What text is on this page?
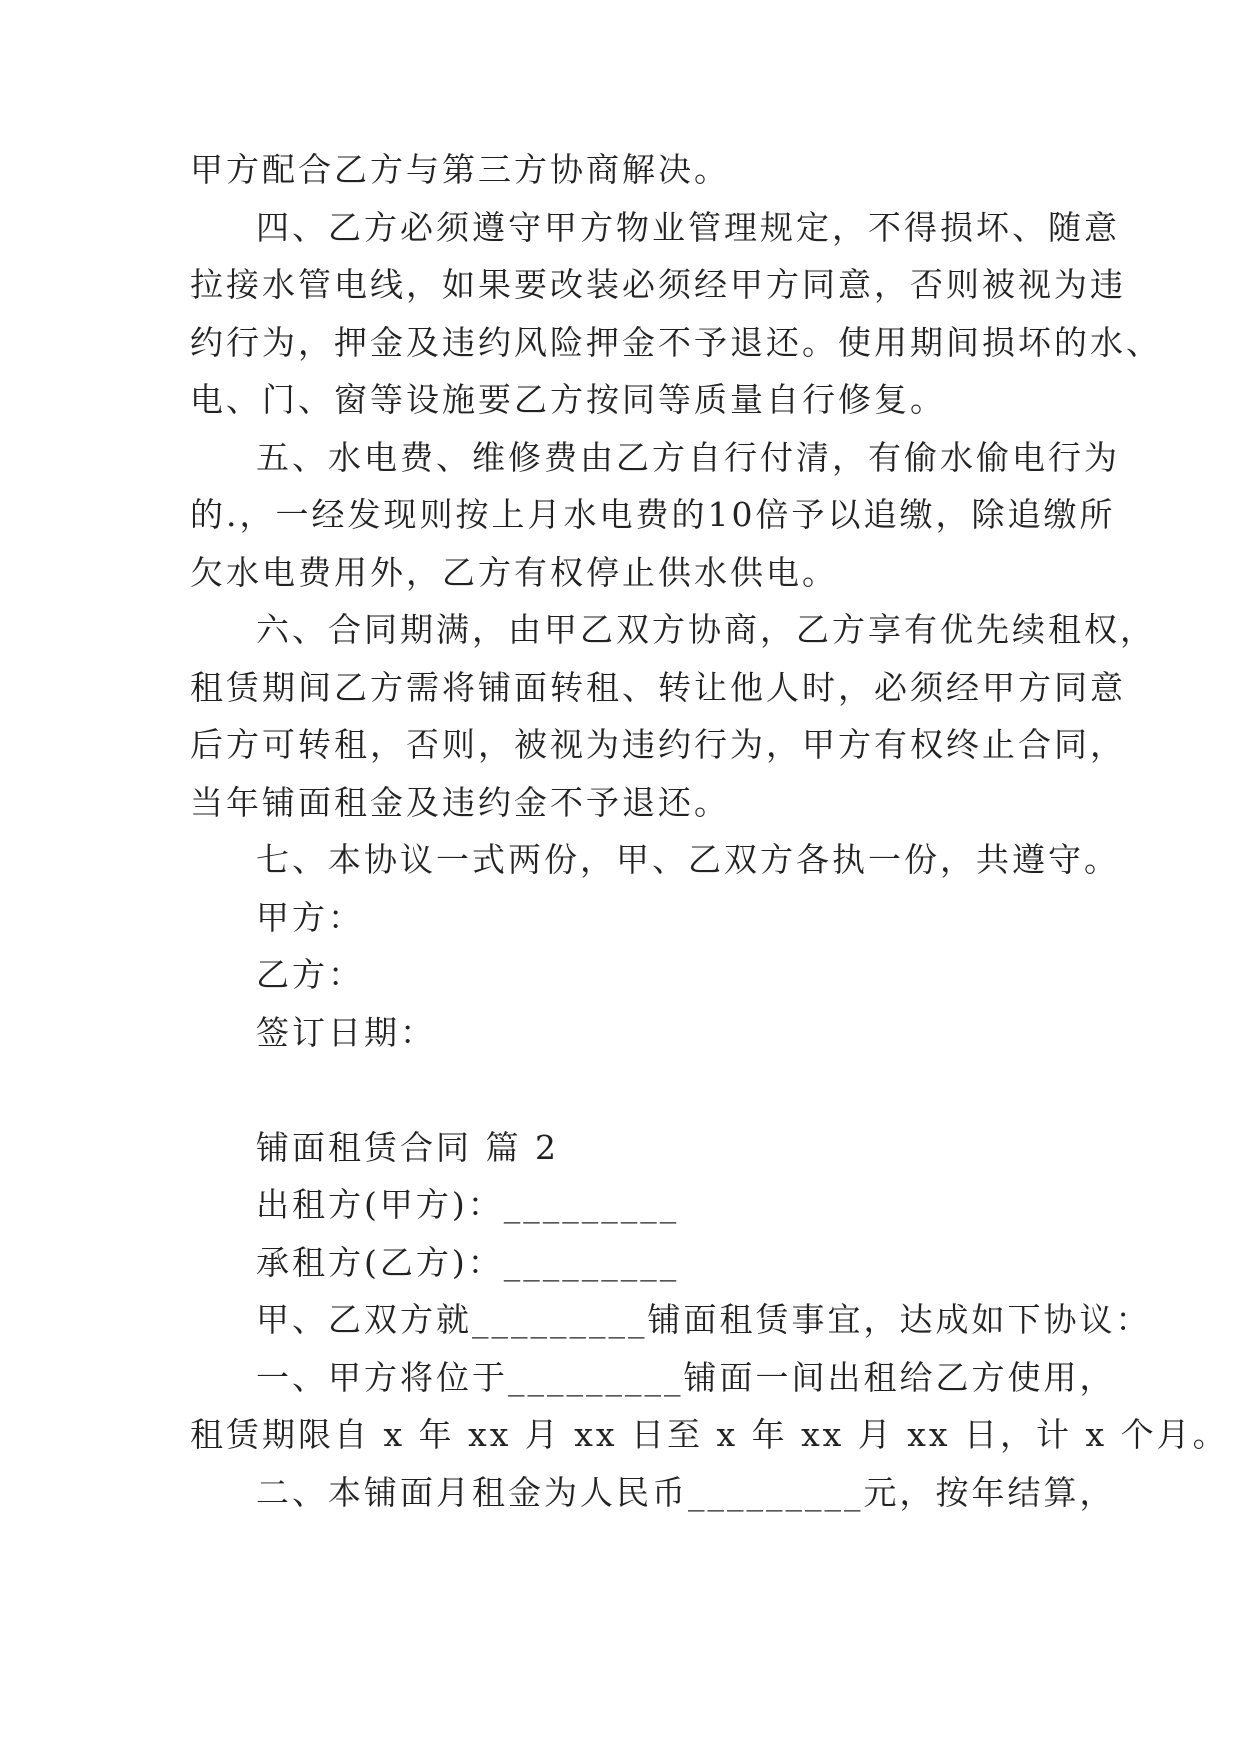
甲方配合乙方与第三方协商解决。
四、乙方必须遵守甲方物业管理规定，不得损坏、随意
拉接水管电线，如果要改装必须经甲方同意，否则被视为违
约行为，押金及违约风险押金不予退还。使用期间损坏的水、
电、门、窗等设施要乙方按同等质量自行修复。
五、水电费、维修费由乙方自行付清，有偷水偷电行为
的.，一经发现则按上月水电费的10倍予以追缴，除追缴所
欠水电费用外，乙方有权停止供水供电。
六、合同期满，由甲乙双方协商，乙方享有优先续租权，
租赁期间乙方需将铺面转租、转让他人时，必须经甲方同意
后方可转租，否则，被视为违约行为，甲方有权终止合同，
当年铺面租金及违约金不予退还。
七、本协议一式两份，甲、乙双方各执一份，共遵守。
甲方：
乙方：
签订日期：
铺面租赁合同 篇 2
出租方(甲方)：_________
承租方(乙方)：_________
甲、乙双方就_________铺面租赁事宜，达成如下协议：
一、甲方将位于_________铺面一间出租给乙方使用，
租赁期限自 x 年 xx 月 xx 日至 x 年 xx 月 xx 日，计 x 个月。
二、本铺面月租金为人民币_________元，按年结算，
